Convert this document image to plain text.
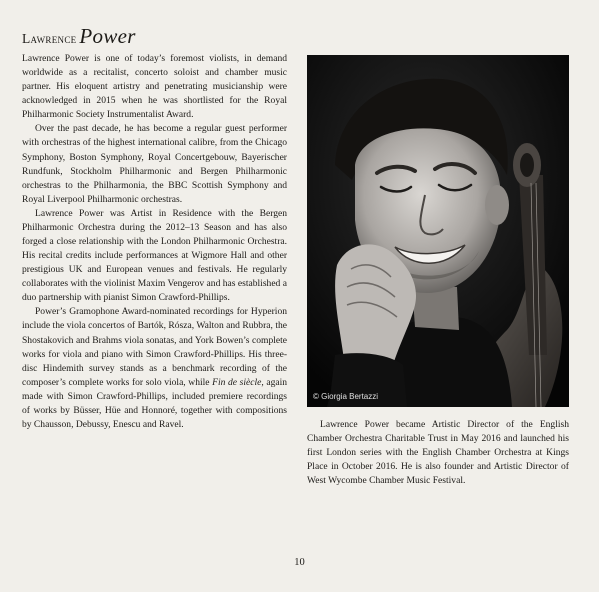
Lawrence Power

Lawrence Power is one of today’s foremost violists, in demand worldwide as a recitalist, concerto soloist and chamber music partner. His eloquent artistry and penetrating musicianship were acknowledged in 2015 when he was shortlisted for the Royal Philharmonic Society Instrumentalist Award.

Over the past decade, he has become a regular guest performer with orchestras of the highest international calibre, from the Chicago Symphony, Boston Symphony, Royal Concertgebouw, Bayerischer Rundfunk, Stockholm Philharmonic and Bergen Philharmonic orchestras to the Philharmonia, the BBC Scottish Symphony and Royal Liverpool Philharmonic orchestras.

Lawrence Power was Artist in Residence with the Bergen Philharmonic Orchestra during the 2012–13 Season and has also forged a close relationship with the London Philharmonic Orchestra. His recital credits include performances at Wigmore Hall and other prestigious UK and European venues and festivals. He regularly collaborates with the violinist Maxim Vengerov and has established a duo partnership with pianist Simon Crawford-Phillips.

Power’s Gramophone Award-nominated recordings for Hyperion include the viola concertos of Bartók, Rósza, Walton and Rubbra, the Shostakovich and Brahms viola sonatas, and York Bowen’s complete works for viola and piano with Simon Crawford-Phillips. His three-disc Hindemith survey stands as a benchmark recording of the composer’s complete works for solo viola, while Fin de siècle, again made with Simon Crawford-Phillips, included premiere recordings of works by Büsser, Hüe and Honnoré, together with compositions by Chausson, Debussy, Enescu and Ravel.

© Giorgia Bertazzi

Lawrence Power became Artistic Director of the English Chamber Orchestra Charitable Trust in May 2016 and launched his first London series with the English Chamber Orchestra at Kings Place in October 2016. He is also founder and Artistic Director of West Wycombe Chamber Music Festival.

10
